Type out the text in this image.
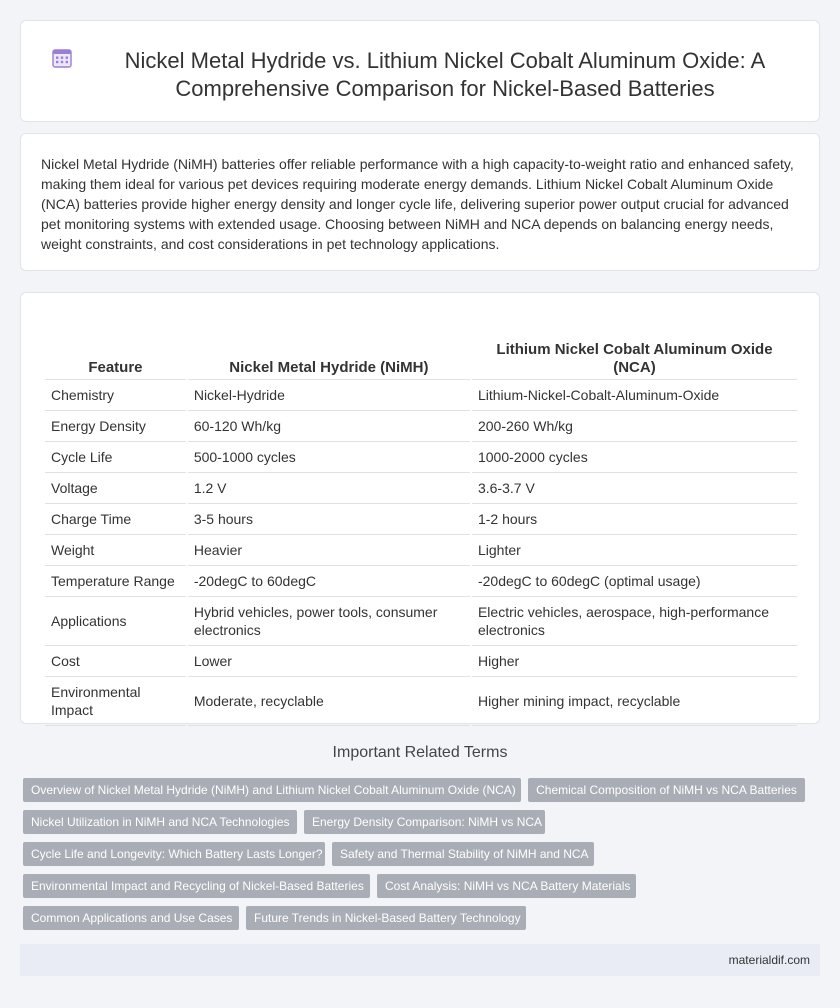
Nickel Metal Hydride vs. Lithium Nickel Cobalt Aluminum Oxide: A Comprehensive Comparison for Nickel-Based Batteries

Nickel Metal Hydride (NiMH) batteries offer reliable performance with a high capacity-to-weight ratio and enhanced safety, making them ideal for various pet devices requiring moderate energy demands. Lithium Nickel Cobalt Aluminum Oxide (NCA) batteries provide higher energy density and longer cycle life, delivering superior power output crucial for advanced pet monitoring systems with extended usage. Choosing between NiMH and NCA depends on balancing energy needs, weight constraints, and cost considerations in pet technology applications.

Feature	Nickel Metal Hydride (NiMH)	Lithium Nickel Cobalt Aluminum Oxide (NCA)
Chemistry	Nickel-Hydride	Lithium-Nickel-Cobalt-Aluminum-Oxide
Energy Density	60-120 Wh/kg	200-260 Wh/kg
Cycle Life	500-1000 cycles	1000-2000 cycles
Voltage	1.2 V	3.6-3.7 V
Charge Time	3-5 hours	1-2 hours
Weight	Heavier	Lighter
Temperature Range	-20degC to 60degC	-20degC to 60degC (optimal usage)
Applications	Hybrid vehicles, power tools, consumer electronics	Electric vehicles, aerospace, high-performance electronics
Cost	Lower	Higher
Environmental Impact	Moderate, recyclable	Higher mining impact, recyclable
Important Related Terms
Overview of Nickel Metal Hydride (NiMH) and Lithium Nickel Cobalt Aluminum Oxide (NCA)	Chemical Composition of NiMH vs NCA Batteries
Nickel Utilization in NiMH and NCA Technologies	Energy Density Comparison: NiMH vs NCA
Cycle Life and Longevity: Which Battery Lasts Longer?	Safety and Thermal Stability of NiMH and NCA
Environmental Impact and Recycling of Nickel-Based Batteries	Cost Analysis: NiMH vs NCA Battery Materials
Common Applications and Use Cases	Future Trends in Nickel-Based Battery Technology
materialdif.com
